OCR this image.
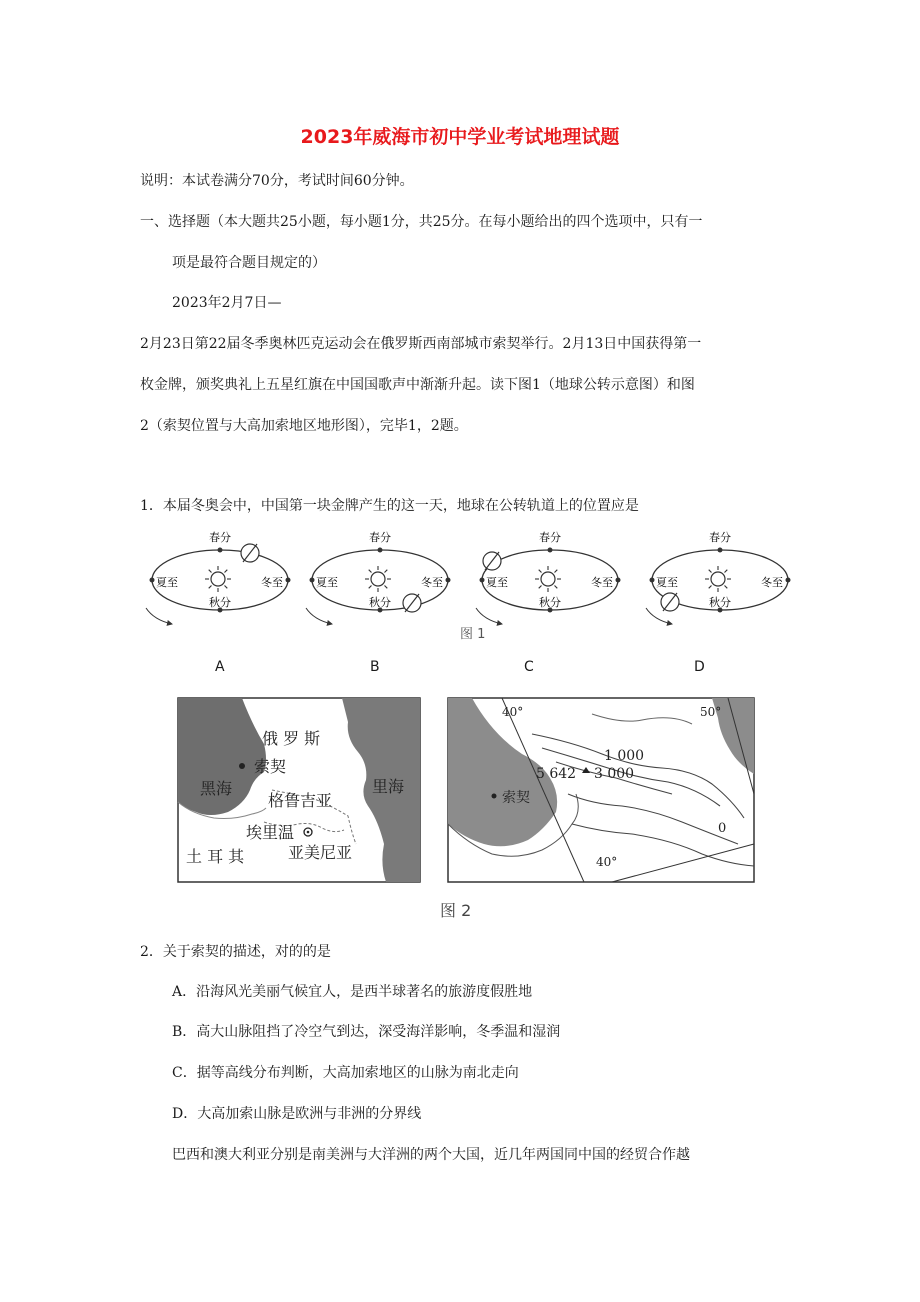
2023年威海市初中学业考试地理试题
说明：本试卷满分70分，考试时间60分钟。
一、选择题（本大题共25小题，每小题1分，共25分。在每小题给出的四个选项中，只有一
项是最符合题目规定的）
2023年2月7日—
2月23日第22届冬季奥林匹克运动会在俄罗斯西南部城市索契举行。2月13日中国获得第一
枚金牌，颁奖典礼上五星红旗在中国国歌声中渐渐升起。读下图1（地球公转示意图）和图
2（索契位置与大高加索地区地形图），完毕1，2题。
1．本届冬奥会中，中国第一块金牌产生的这一天，地球在公转轨道上的位置应是
春分
夏至
秋分
冬至
春分
夏至
秋分
冬至
春分
夏至
秋分
冬至
春分
夏至
秋分
冬至
图 1
A	B	C	D
俄 罗 斯
索契
黑海
格鲁吉亚
里海
埃里温
土 耳 其	亚美尼亚
40°	50°
40°
1 000
5 642 3 000
0
索契
图 2
2．关于索契的描述，对的的是
A．沿海风光美丽气候宜人，是西半球著名的旅游度假胜地
B．高大山脉阻挡了冷空气到达，深受海洋影响，冬季温和湿润
C．据等高线分布判断，大高加索地区的山脉为南北走向
D．大高加索山脉是欧洲与非洲的分界线
巴西和澳大利亚分别是南美洲与大洋洲的两个大国，近几年两国同中国的经贸合作越
